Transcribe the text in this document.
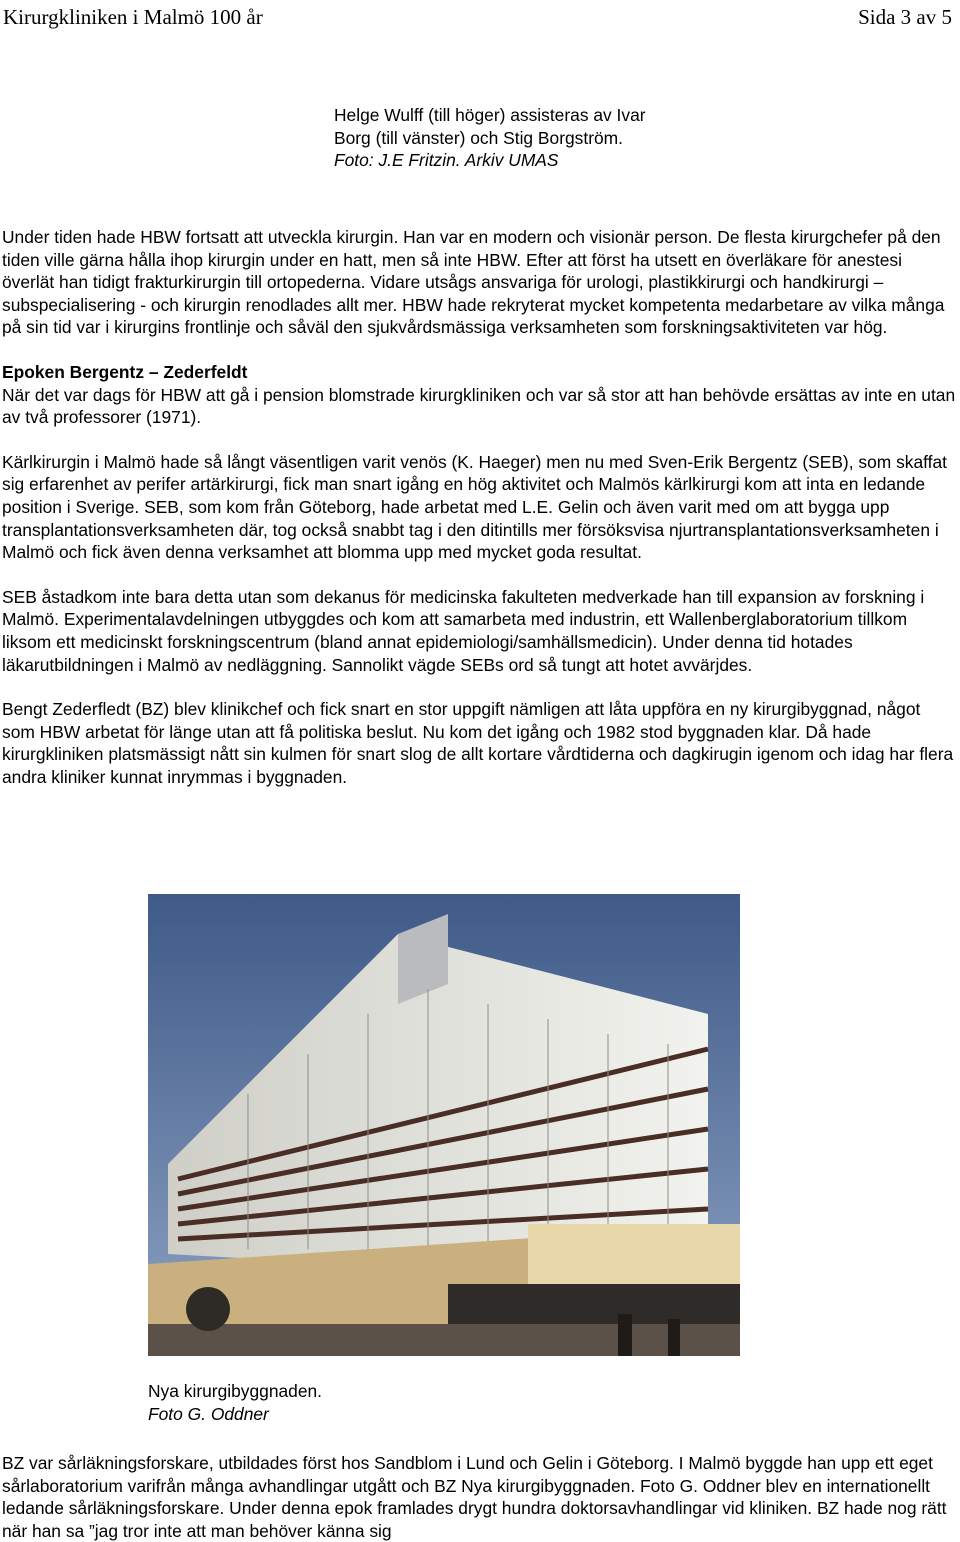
Kirurgkliniken i Malmö 100 år	Sida 3 av 5
Helge Wulff (till höger) assisteras av Ivar Borg (till vänster) och Stig Borgström.
Foto: J.E Fritzin. Arkiv UMAS

Under tiden hade HBW fortsatt att utveckla kirurgin. Han var en modern och visionär person. De flesta kirurgchefer på den tiden ville gärna hålla ihop kirurgin under en hatt, men så inte HBW. Efter att först ha utsett en överläkare för anestesi överlät han tidigt frakturkirurgin till ortopederna. Vidare utsågs ansvariga för urologi, plastikkirurgi och handkirurgi – subspecialisering - och kirurgin renodlades allt mer. HBW hade rekryterat mycket kompetenta medarbetare av vilka många på sin tid var i kirurgins frontlinje och såväl den sjukvårdsmässiga verksamheten som forskningsaktiviteten var hög.

Epoken Bergentz – Zederfeldt

När det var dags för HBW att gå i pension blomstrade kirurgkliniken och var så stor att han behövde ersättas av inte en utan av två professorer (1971).

Kärlkirurgin i Malmö hade så långt väsentligen varit venös (K. Haeger) men nu med Sven-Erik Bergentz (SEB), som skaffat sig erfarenhet av perifer artärkirurgi, fick man snart igång en hög aktivitet och Malmös kärlkirurgi kom att inta en ledande position i Sverige. SEB, som kom från Göteborg, hade arbetat med L.E. Gelin och även varit med om att bygga upp transplantationsverksamheten där, tog också snabbt tag i den ditintills mer försöksvisa njurtransplantationsverksamheten i Malmö och fick även denna verksamhet att blomma upp med mycket goda resultat.

SEB åstadkom inte bara detta utan som dekanus för medicinska fakulteten medverkade han till expansion av forskning i Malmö. Experimentalavdelningen utbyggdes och kom att samarbeta med industrin, ett Wallenberglaboratorium tillkom liksom ett medicinskt forskningscentrum (bland annat epidemiologi/samhällsmedicin). Under denna tid hotades läkarutbildningen i Malmö av nedläggning. Sannolikt vägde SEBs ord så tungt att hotet avvärjdes.

Bengt Zederfledt (BZ) blev klinikchef och fick snart en stor uppgift nämligen att låta uppföra en ny kirurgibyggnad, något som HBW arbetat för länge utan att få politiska beslut. Nu kom det igång och 1982 stod byggnaden klar. Då hade kirurgkliniken platsmässigt nått sin kulmen för snart slog de allt kortare vårdtiderna och dagkirugin igenom och idag har flera andra kliniker kunnat inrymmas i byggnaden.

Nya kirurgibyggnaden.
Foto G. Oddner

BZ var sårläkningsforskare, utbildades först hos Sandblom i Lund och Gelin i Göteborg. I Malmö byggde han upp ett eget sårlaboratorium varifrån många avhandlingar utgått och BZ Nya kirurgibyggnaden. Foto G. Oddner blev en internationellt ledande sårläkningsforskare. Under denna epok framlades drygt hundra doktorsavhandlingar vid kliniken. BZ hade nog rätt när han sa ”jag tror inte att man behöver känna sig
